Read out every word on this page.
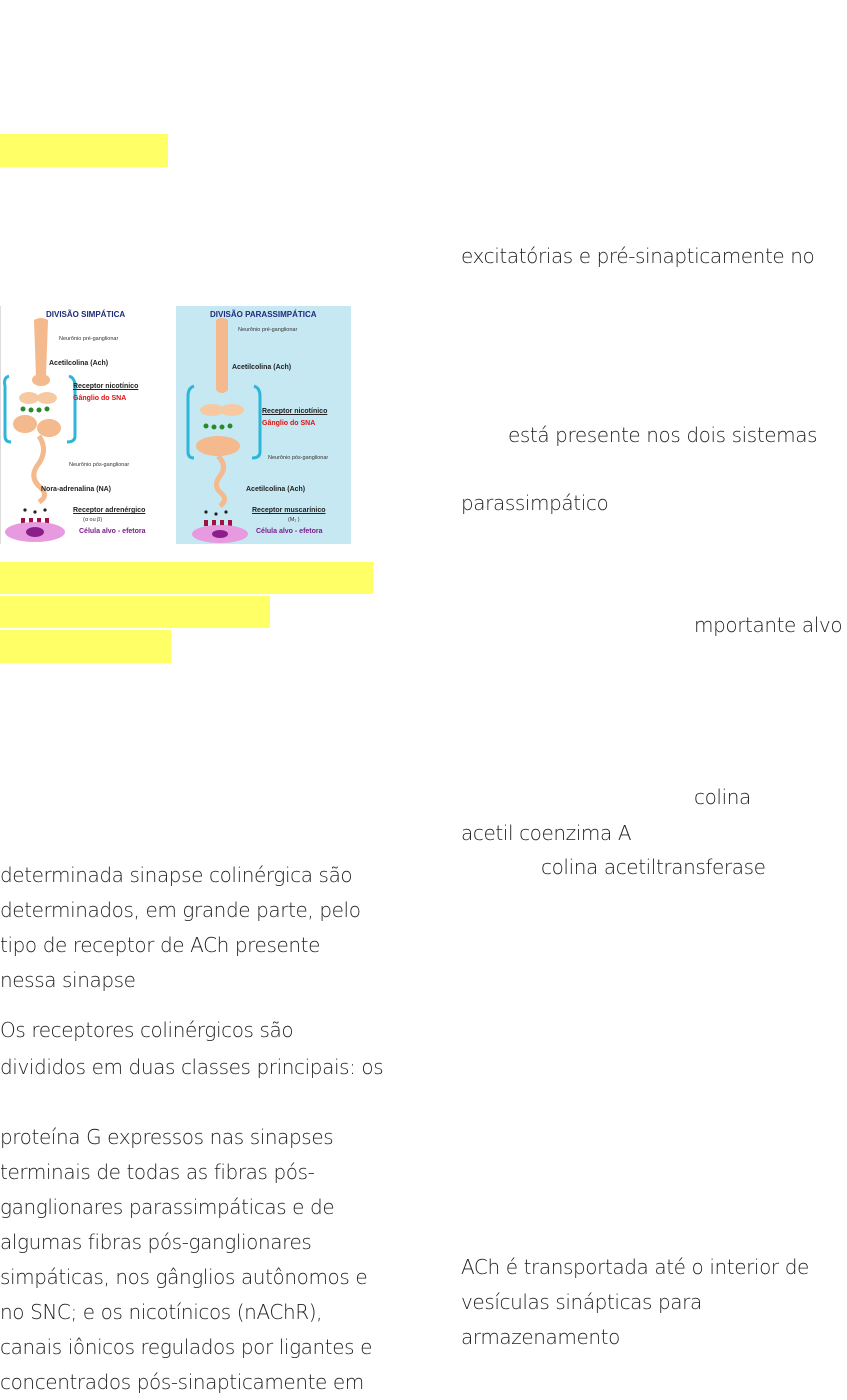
DIVISÃO SIMPÁTICA
Neurônio pré-ganglionar
Acetilcolina (Ach)
Receptor nicotínico
Gânglio do SNA
Neurônio pós-ganglionar
Nora-adrenalina (NA)
Receptor adrenérgico
(α ou β)
Célula alvo - efetora
DIVISÃO PARASSIMPÁTICA
Neurônio pré-ganglionar
Acetilcolina (Ach)
Receptor nicotínico
Gânglio do SNA
Neurônio pós-ganglionar
Acetilcolina (Ach)
Receptor muscarínico
(M₁ )
Célula alvo - efetora
excitatórias e pré-sinapticamente no
está presente nos dois sistemas
parassimpático
mportante alvo
colina
acetil coenzima A
colina acetiltransferase
ACh é transportada até o interior de
vesículas sinápticas para
armazenamento
determinada sinapse colinérgica são
determinados, em grande parte, pelo
tipo de receptor de ACh presente
nessa sinapse
Os receptores colinérgicos são
divididos em duas classes principais: os
proteína G expressos nas sinapses
terminais de todas as fibras pós-
ganglionares parassimpáticas e de
algumas fibras pós-ganglionares
simpáticas, nos gânglios autônomos e
no SNC; e os nicotínicos (nAChR),
canais iônicos regulados por ligantes e
concentrados pós-sinapticamente em
